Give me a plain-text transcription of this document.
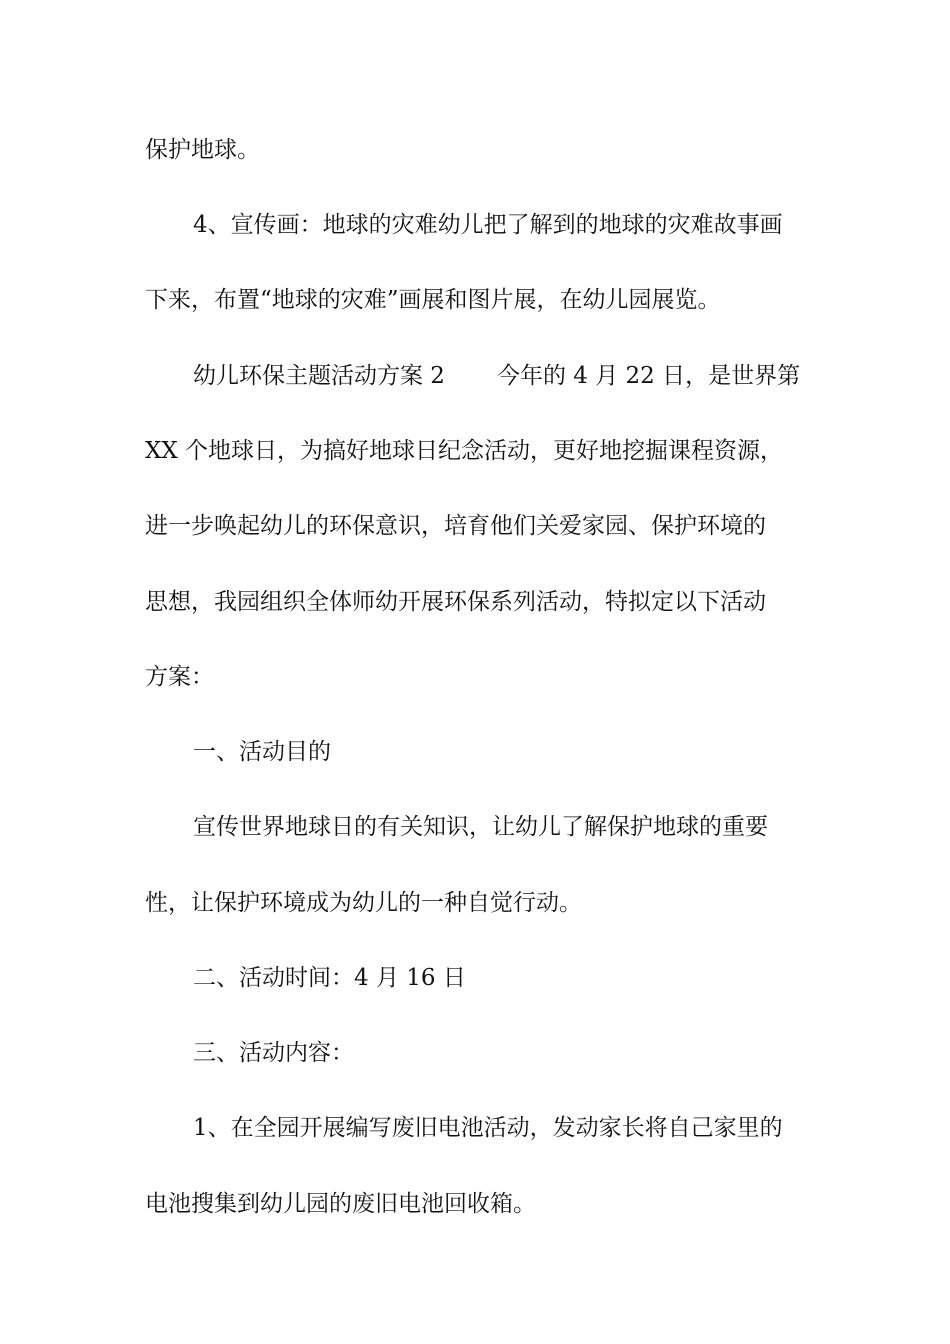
保护地球。

4、宣传画：地球的灾难幼儿把了解到的地球的灾难故事画

下来，布置“地球的灾难”画展和图片展，在幼儿园展览。

幼儿环保主题活动方案 2 今年的 4 月 22 日，是世界第

XX 个地球日，为搞好地球日纪念活动，更好地挖掘课程资源，

进一步唤起幼儿的环保意识，培育他们关爱家园、保护环境的

思想，我园组织全体师幼开展环保系列活动，特拟定以下活动

方案：

一、活动目的

宣传世界地球日的有关知识，让幼儿了解保护地球的重要

性，让保护环境成为幼儿的一种自觉行动。

二、活动时间：4 月 16 日

三、活动内容：

1、在全园开展编写废旧电池活动，发动家长将自己家里的

电池搜集到幼儿园的废旧电池回收箱。
